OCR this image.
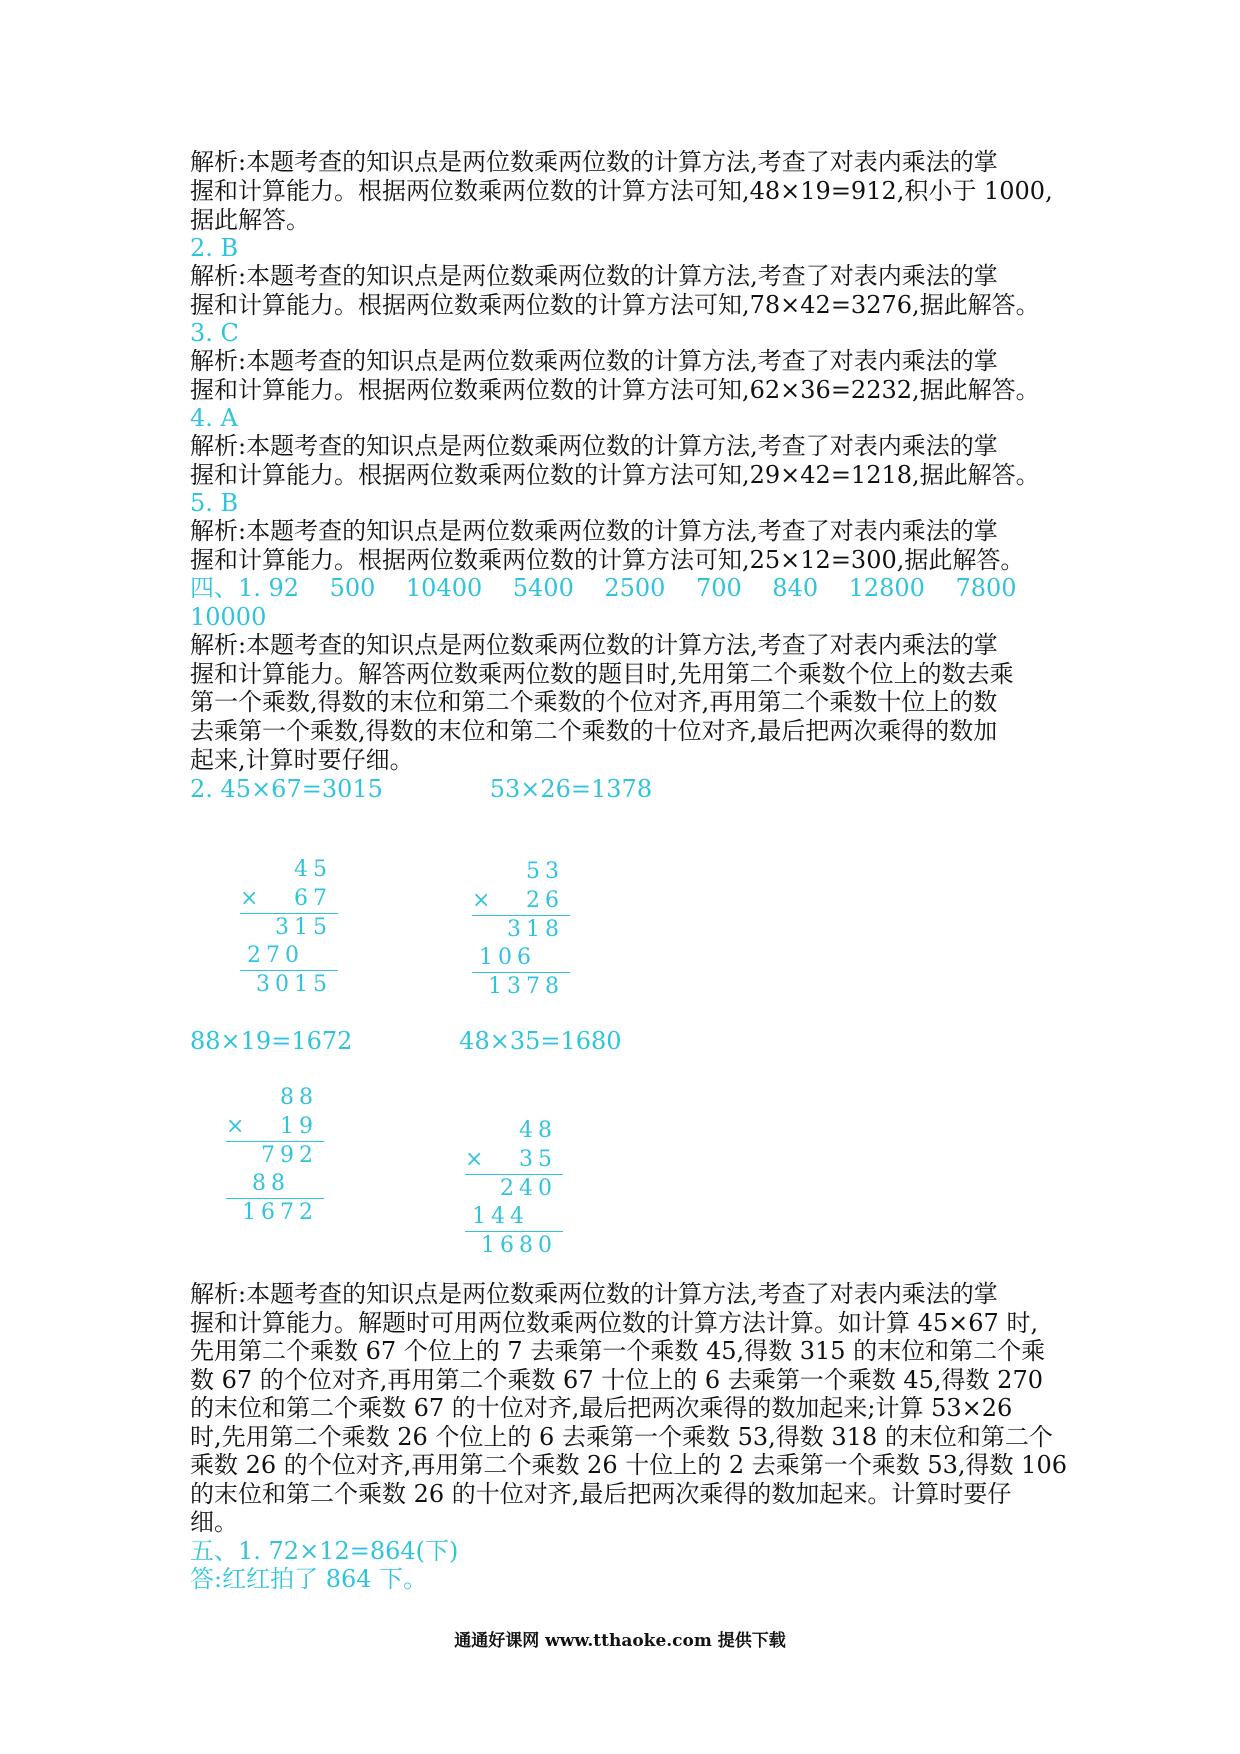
解析:本题考查的知识点是两位数乘两位数的计算方法,考查了对表内乘法的掌
握和计算能力。根据两位数乘两位数的计算方法可知,48×19=912,积小于 1000,
据此解答。
2. B
解析:本题考查的知识点是两位数乘两位数的计算方法,考查了对表内乘法的掌
握和计算能力。根据两位数乘两位数的计算方法可知,78×42=3276,据此解答。
3. C
解析:本题考查的知识点是两位数乘两位数的计算方法,考查了对表内乘法的掌
握和计算能力。根据两位数乘两位数的计算方法可知,62×36=2232,据此解答。
4. A
解析:本题考查的知识点是两位数乘两位数的计算方法,考查了对表内乘法的掌
握和计算能力。根据两位数乘两位数的计算方法可知,29×42=1218,据此解答。
5. B
解析:本题考查的知识点是两位数乘两位数的计算方法,考查了对表内乘法的掌
握和计算能力。根据两位数乘两位数的计算方法可知,25×12=300,据此解答。
四、1. 92    500    10400    5400    2500    700    840    12800    7800
10000
解析:本题考查的知识点是两位数乘两位数的计算方法,考查了对表内乘法的掌
握和计算能力。解答两位数乘两位数的题目时,先用第二个乘数个位上的数去乘
第一个乘数,得数的末位和第二个乘数的个位对齐,再用第二个乘数十位上的数
去乘第一个乘数,得数的末位和第二个乘数的十位对齐,最后把两次乘得的数加
起来,计算时要仔细。
2. 45×67=3015              53×26=1378
45
× 67
315
270
3015
53
× 26
318
106
1378
88×19=1672              48×35=1680
88
× 19
792
88
1672
48
× 35
240
144
1680
解析:本题考查的知识点是两位数乘两位数的计算方法,考查了对表内乘法的掌
握和计算能力。解题时可用两位数乘两位数的计算方法计算。如计算 45×67 时,
先用第二个乘数 67 个位上的 7 去乘第一个乘数 45,得数 315 的末位和第二个乘
数 67 的个位对齐,再用第二个乘数 67 十位上的 6 去乘第一个乘数 45,得数 270
的末位和第二个乘数 67 的十位对齐,最后把两次乘得的数加起来;计算 53×26
时,先用第二个乘数 26 个位上的 6 去乘第一个乘数 53,得数 318 的末位和第二个
乘数 26 的个位对齐,再用第二个乘数 26 十位上的 2 去乘第一个乘数 53,得数 106
的末位和第二个乘数 26 的十位对齐,最后把两次乘得的数加起来。计算时要仔
细。
五、1. 72×12=864(下)
答:红红拍了 864 下。
通通好课网 www.tthaoke.com 提供下载
